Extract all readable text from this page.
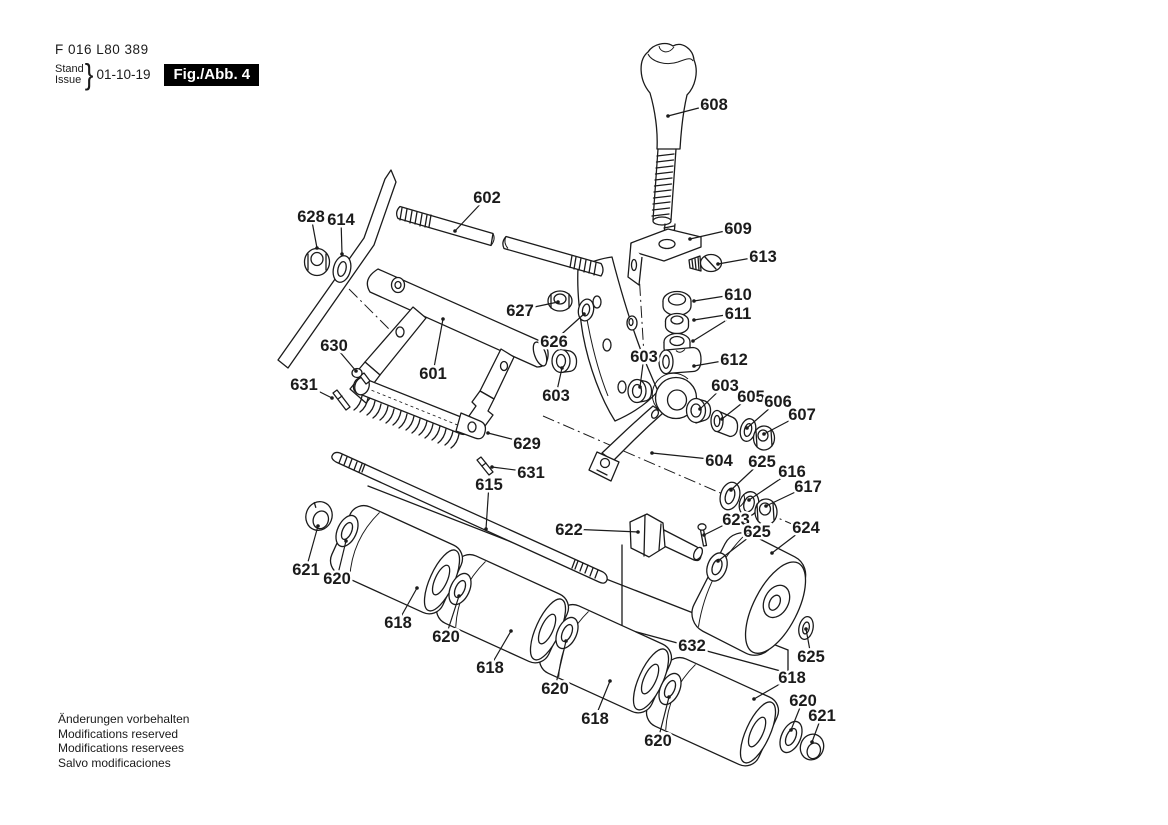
F 016 L80 389
Stand
Issue } 01-10-19	Fig./Abb. 4
Änderungen vorbehalten
Modifications reserved
Modifications reservees
Salvo modificaciones
608
602
628 614	609
613
610
611
627
626
603	612
630
601
631
603
603
605 606
607
629
631
615
604 625
616
617
623
622	625 624
621 620
618
620
618
620
618
620
632
625
618
620
621
